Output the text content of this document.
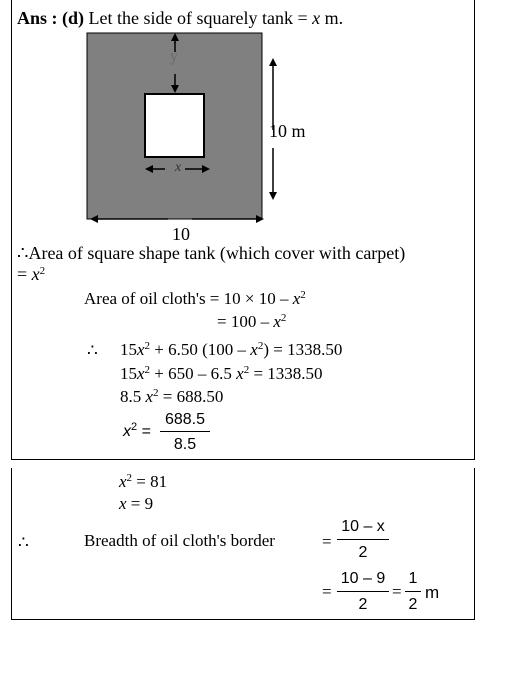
Ans : (d) Let the side of squarely tank = x m.
y
x
10 m
10
∴Area of square shape tank (which cover with carpet)
= $x^2$
Area of oil cloth's = $10 \times 10 - x^2$
= $100 - x^2$
∴ $15x^2 + 6.50$ $(100 - x^2) = 1338.50$
$15x^2 + 650 - 6.5$ $x^2 = 1338.50$
8.5 $x^2 = 688.50$
$x^2 = \frac{688.5}{8.5}$
$x^2 = 81$
x = 9
∴	Breadth of oil cloth's border	= $\frac{10 - x}{2}$
= $\frac{10 - 9}{2} = \frac{1}{2}$ m
